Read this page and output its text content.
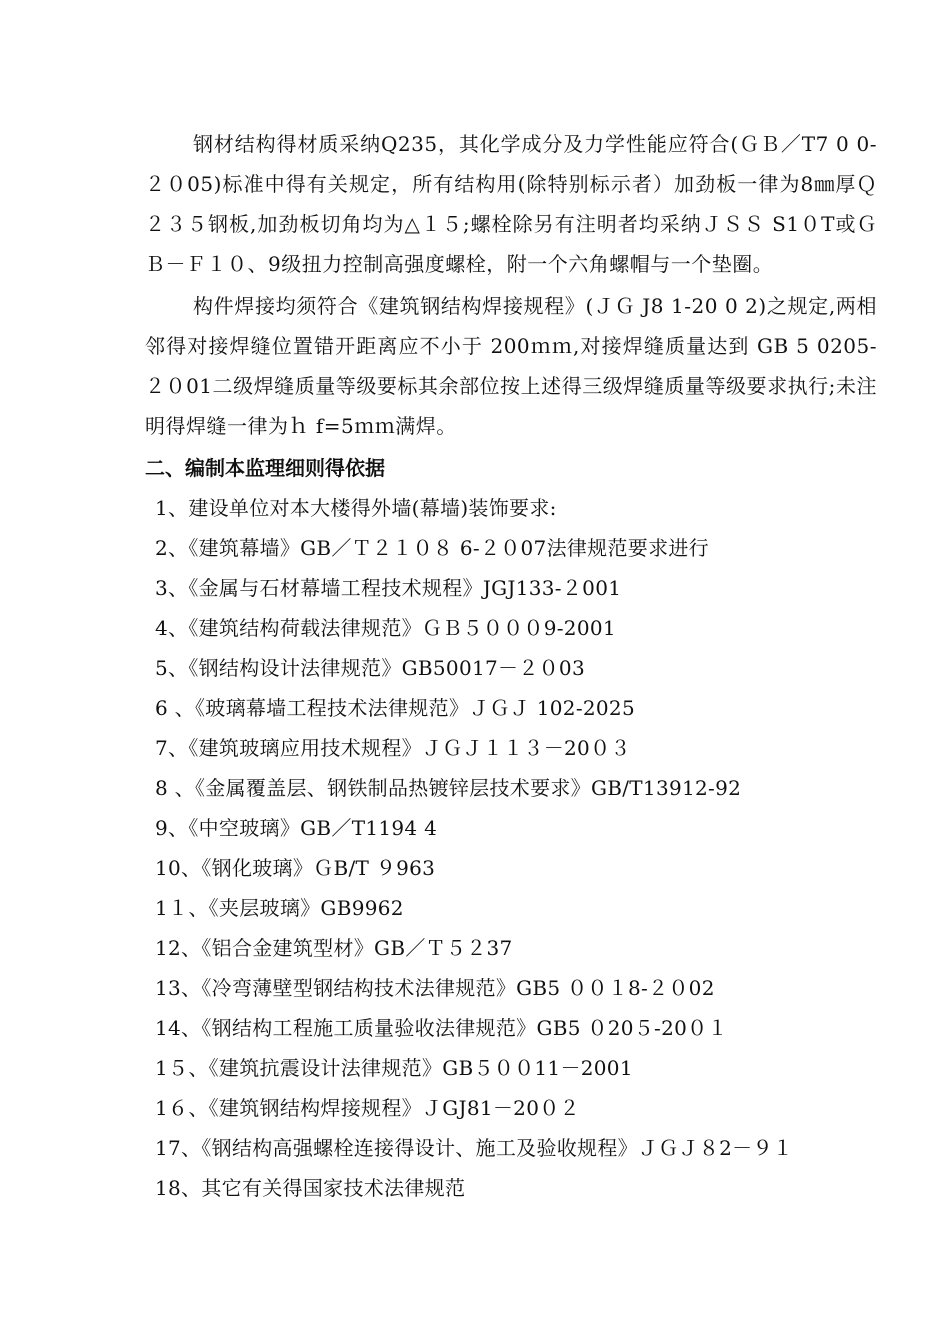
钢材结构得材质采纳Q235，其化学成分及力学性能应符合(ＧＢ／T7 0 0-２０05)标准中得有关规定，所有结构用(除特别标示者）加劲板一律为8㎜厚Ｑ２３５钢板,加劲板切角均为△１５;螺栓除另有注明者均采纳ＪＳＳ S1０T或ＧＢ－Ｆ１０、9级扭力控制高强度螺栓，附一个六角螺帽与一个垫圈。

构件焊接均须符合《建筑钢结构焊接规程》(ＪＧ J8 1-20 0 2)之规定,两相邻得对接焊缝位置错开距离应不小于 200ｍｍ,对接焊缝质量达到 GB 5 0205-２０01二级焊缝质量等级要标其余部位按上述得三级焊缝质量等级要求执行;未注明得焊缝一律为ｈ f=5ｍｍ满焊。

二、编制本监理细则得依据
1、建设单位对本大楼得外墙(幕墙)装饰要求:
2、《建筑幕墙》GB／Ｔ２１０８ 6-２０07法律规范要求进行
3、《金属与石材幕墙工程技术规程》JGJ133-２001
4、《建筑结构荷载法律规范》ＧＢ５０００9-2001
5、《钢结构设计法律规范》GB50017－２０03
6 、《玻璃幕墙工程技术法律规范》ＪＧＪ 102-2025
7、《建筑玻璃应用技术规程》ＪＧＪ１１３－20０３
8 、《金属覆盖层、钢铁制品热镀锌层技术要求》GB/T13912-92
9、《中空玻璃》GB／T1194 4
10、《钢化玻璃》ＧB/T ９963
1１、《夹层玻璃》GB9962
12、《铝合金建筑型材》GB／Ｔ５２37
13、《冷弯薄壁型钢结构技术法律规范》GB5 ００１8-２０02
14、《钢结构工程施工质量验收法律规范》GB5 ０20５-20０１
1５、《建筑抗震设计法律规范》GB５００11－2001
1６、《建筑钢结构焊接规程》ＪGJ81－20０２
17、《钢结构高强螺栓连接得设计、施工及验收规程》ＪＧＪ８2－９１
18、其它有关得国家技术法律规范
